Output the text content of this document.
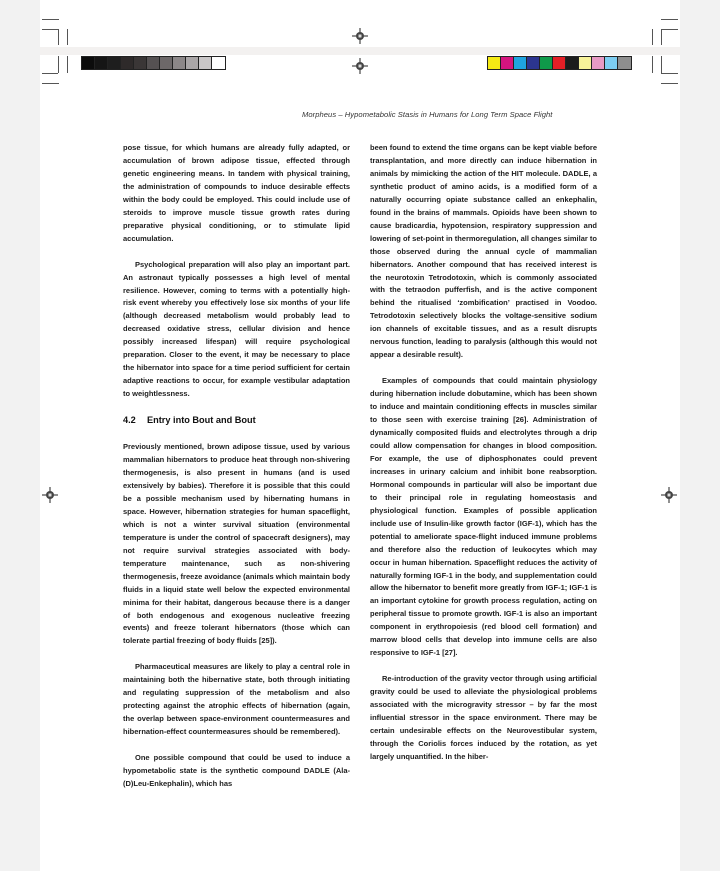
Morpheus – Hypometabolic Stasis in Humans for Long Term Space Flight

pose tissue, for which humans are already fully adapted, or accumulation of brown adipose tissue, effected through genetic engineering means. In tandem with physical training, the administration of compounds to induce desirable effects within the body could be employed. This could include use of steroids to improve muscle tissue growth rates during preparative physical conditioning, or to stimulate lipid accumulation.

Psychological preparation will also play an important part. An astronaut typically possesses a high level of mental resilience. However, coming to terms with a potentially high-risk event whereby you effectively lose six months of your life (although decreased metabolism would probably lead to decreased oxidative stress, cellular division and hence possibly increased lifespan) will require psychological preparation. Closer to the event, it may be necessary to place the hibernator into space for a time period sufficient for certain adaptive reactions to occur, for example vestibular adaptation to weightlessness.

4.2 Entry into Bout and Bout

Previously mentioned, brown adipose tissue, used by various mammalian hibernators to produce heat through non-shivering thermogenesis, is also present in humans (and is used extensively by babies). Therefore it is possible that this could be a possible mechanism used by hibernating humans in space. However, hibernation strategies for human spaceflight, which is not a winter survival situation (environmental temperature is under the control of spacecraft designers), may not require survival strategies associated with body-temperature maintenance, such as non-shivering thermogenesis, freeze avoidance (animals which maintain body fluids in a liquid state well below the expected environmental minima for their habitat, dangerous because there is a danger of both endogenous and exogenous nucleative freezing events) and freeze tolerant hibernators (those which can tolerate partial freezing of body fluids [25]).

Pharmaceutical measures are likely to play a central role in maintaining both the hibernative state, both through initiating and regulating suppression of the metabolism and also protecting against the atrophic effects of hibernation (again, the overlap between space-environment countermeasures and hibernation-effect countermeasures should be remembered).

One possible compound that could be used to induce a hypometabolic state is the synthetic compound DADLE (Ala-(D)Leu-Enkephalin), which has

been found to extend the time organs can be kept viable before transplantation, and more directly can induce hibernation in animals by mimicking the action of the HIT molecule. DADLE, a synthetic product of amino acids, is a modified form of a naturally occurring opiate substance called an enkephalin, found in the brains of mammals. Opioids have been shown to cause bradicardia, hypotension, respiratory suppression and lowering of set-point in thermoregulation, all changes similar to those observed during the annual cycle of mammalian hibernators. Another compound that has received interest is the neurotoxin Tetrodotoxin, which is commonly associated with the tetraodon pufferfish, and is the active component behind the ritualised ‘zombification’ practised in Voodoo. Tetrodotoxin selectively blocks the voltage-sensitive sodium ion channels of excitable tissues, and as a result disrupts nervous function, leading to paralysis (although this would not appear a desirable result).

Examples of compounds that could maintain physiology during hibernation include dobutamine, which has been shown to induce and maintain conditioning effects in muscles similar to those seen with exercise training [26]. Administration of dynamically composited fluids and electrolytes through a drip could allow compensation for changes in blood composition. For example, the use of diphosphonates could prevent increases in urinary calcium and inhibit bone reabsorption. Hormonal compounds in particular will also be important due to their principal role in regulating homeostasis and physiological function. Examples of possible application include use of Insulin-like growth factor (IGF-1), which has the potential to ameliorate space-flight induced immune problems and therefore also the reduction of leukocytes which may occur in human hibernation. Spaceflight reduces the activity of naturally forming IGF-1 in the body, and supplementation could allow the hibernator to benefit more greatly from IGF-1; IGF-1 is an important cytokine for growth process regulation, acting on peripheral tissue to promote growth. IGF-1 is also an important component in erythropoiesis (red blood cell formation) and marrow blood cells that develop into immune cells are also responsive to IGF-1 [27].

Re-introduction of the gravity vector through using artificial gravity could be used to alleviate the physiological problems associated with the microgravity stressor – by far the most influential stressor in the space environment. There may be certain undesirable effects on the Neurovestibular system, through the Coriolis forces induced by the rotation, as yet largely unquantified. In the hiber-
